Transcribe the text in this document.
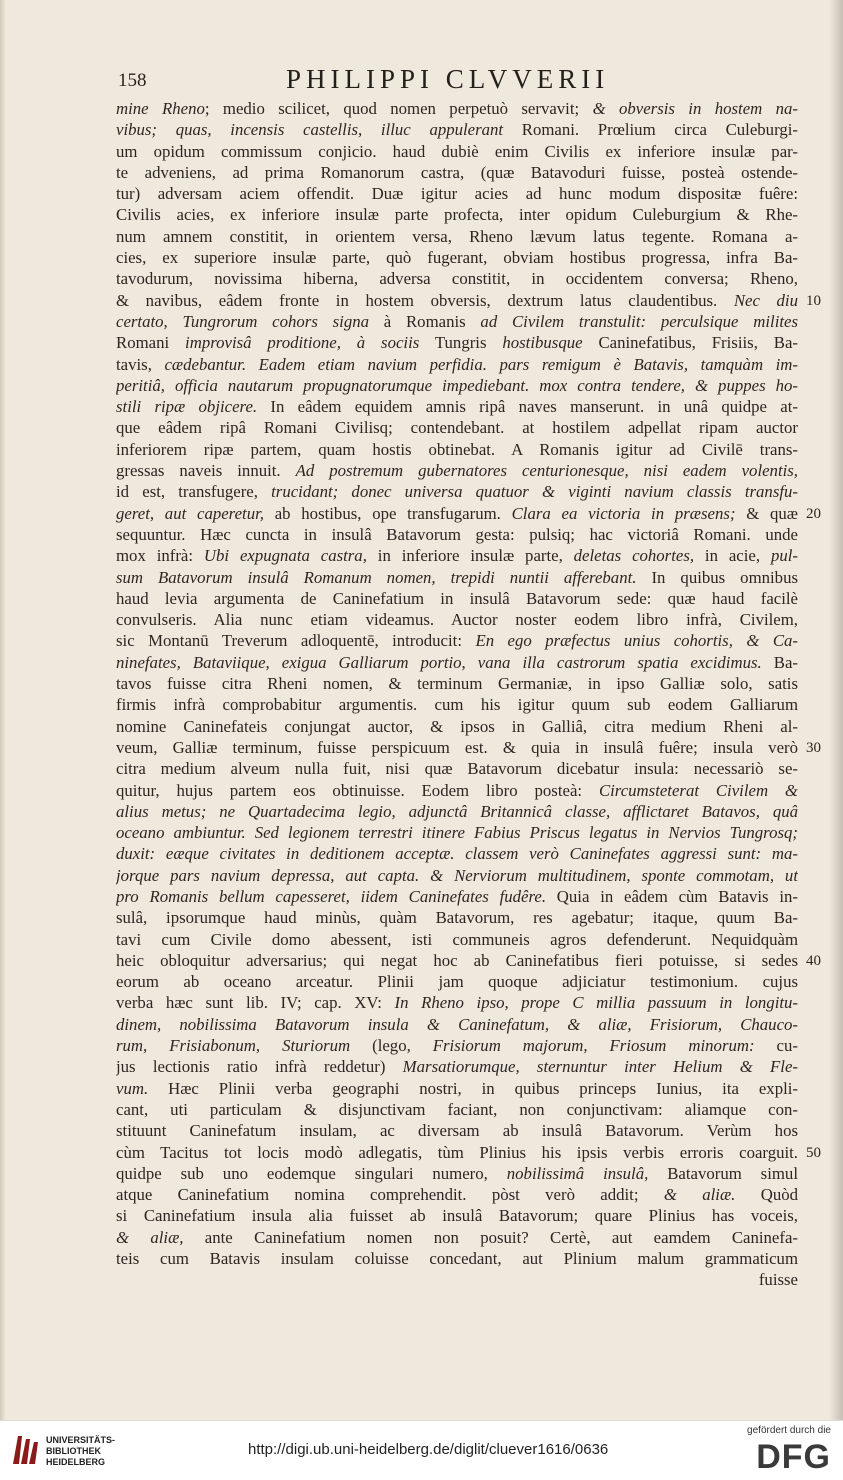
158	PHILIPPI CLVVERII
mine Rheno; medio scilicet, quod nomen perpetuò servavit; & obversis in hostem na-
vibus; quas, incensis castellis, illuc appulerant Romani. Prœlium circa Culeburgi-
um opidum commissum conjicio. haud dubiè enim Civilis ex inferiore insulæ par-
te adveniens, ad prima Romanorum castra, (quæ Batavoduri fuisse, posteà ostende-
tur) adversam aciem offendit. Duæ igitur acies ad hunc modum dispositæ fuêre:
Civilis acies, ex inferiore insulæ parte profecta, inter opidum Culeburgium & Rhe-
num amnem constitit, in orientem versa, Rheno lævum latus tegente. Romana a-
cies, ex superiore insulæ parte, quò fugerant, obviam hostibus progressa, infra Ba-
tavodurum, novissima hiberna, adversa constitit, in occidentem conversa; Rheno,
& navibus, eâdem fronte in hostem obversis, dextrum latus claudentibus. Nec diu
certato, Tungrorum cohors signa à Romanis ad Civilem transtulit: perculsique milites
Romani improvisâ proditione, à sociis Tungris hostibusque Caninefatibus, Frisiis, Ba-
tavis, cædebantur. Eadem etiam navium perfidia. pars remigum è Batavis, tamquàm im-
peritiâ, officia nautarum propugnatorumque impediebant. mox contra tendere, & puppes ho-
stili ripæ objicere. In eâdem equidem amnis ripâ naves manserunt. in unâ quidpe at-
que eâdem ripâ Romani Civilisq; contendebant. at hostilem adpellat ripam auctor
inferiorem ripæ partem, quam hostis obtinebat. A Romanis igitur ad Civilē trans-
gressas naveis innuit. Ad postremum gubernatores centurionesque, nisi eadem volentis,
id est, transfugere, trucidant; donec universa quatuor & viginti navium classis transfu-
geret, aut caperetur, ab hostibus, ope transfugarum. Clara ea victoria in præsens; & quæ
sequuntur. Hæc cuncta in insulâ Batavorum gesta: pulsiq; hac victoriâ Romani. unde
mox infrà: Ubi expugnata castra, in inferiore insulæ parte, deletas cohortes, in acie, pul-
sum Batavorum insulâ Romanum nomen, trepidi nuntii afferebant. In quibus omnibus
haud levia argumenta de Caninefatium in insulâ Batavorum sede: quæ haud facilè
convulseris. Alia nunc etiam videamus. Auctor noster eodem libro infrà, Civilem,
sic Montanū Treverum adloquentē, introducit: En ego præfectus unius cohortis, & Ca-
ninefates, Bataviique, exigua Galliarum portio, vana illa castrorum spatia excidimus. Ba-
tavos fuisse citra Rheni nomen, & terminum Germaniæ, in ipso Galliæ solo, satis
firmis infrà comprobabitur argumentis. cum his igitur quum sub eodem Galliarum
nomine Caninefateis conjungat auctor, & ipsos in Galliâ, citra medium Rheni al-
veum, Galliæ terminum, fuisse perspicuum est. & quia in insulâ fuêre; insula verò
citra medium alveum nulla fuit, nisi quæ Batavorum dicebatur insula: necessariò se-
quitur, hujus partem eos obtinuisse. Eodem libro posteà: Circumsteterat Civilem &
alius metus; ne Quartadecima legio, adjunctâ Britannicâ classe, afflictaret Batavos, quâ
oceano ambiuntur. Sed legionem terrestri itinere Fabius Priscus legatus in Nervios Tungrosq;
duxit: eæque civitates in deditionem acceptæ. classem verò Caninefates aggressi sunt: ma-
jorque pars navium depressa, aut capta. & Nerviorum multitudinem, sponte commotam, ut
pro Romanis bellum capesseret, iidem Caninefates fudêre. Quia in eâdem cùm Batavis in-
sulâ, ipsorumque haud minùs, quàm Batavorum, res agebatur; itaque, quum Ba-
tavi cum Civile domo abessent, isti communeis agros defenderunt. Nequidquàm
heic obloquitur adversarius; qui negat hoc ab Caninefatibus fieri potuisse, si sedes
eorum ab oceano arceatur. Plinii jam quoque adjiciatur testimonium. cujus
verba hæc sunt lib. IV; cap. XV: In Rheno ipso, prope C millia passuum in longitu-
dinem, nobilissima Batavorum insula & Caninefatum, & aliæ, Frisiorum, Chauco-
rum, Frisiabonum, Sturiorum (lego, Frisiorum majorum, Friosum minorum: cu-
jus lectionis ratio infrà reddetur) Marsatiorumque, sternuntur inter Helium & Fle-
vum. Hæc Plinii verba geographi nostri, in quibus princeps Iunius, ita expli-
cant, uti particulam & disjunctivam faciant, non conjunctivam: aliamque con-
stituunt Caninefatum insulam, ac diversam ab insulâ Batavorum. Verùm hos
cùm Tacitus tot locis modò adlegatis, tùm Plinius his ipsis verbis erroris coarguit.
quidpe sub uno eodemque singulari numero, nobilissimâ insulâ, Batavorum simul
atque Caninefatium nomina comprehendit. pòst verò addit; & aliæ. Quòd
si Caninefatium insula alia fuisset ab insulâ Batavorum; quare Plinius has voceis,
& aliæ, ante Caninefatium nomen non posuit? Certè, aut eamdem Caninefa-
teis cum Batavis insulam coluisse concedant, aut Plinium malum grammaticum
fuisse
10
20
30
40
50
UNIVERSITÄTS-
BIBLIOTHEK
HEIDELBERG
http://digi.ub.uni-heidelberg.de/diglit/cluever1616/0636
gefördert durch die
DFG
